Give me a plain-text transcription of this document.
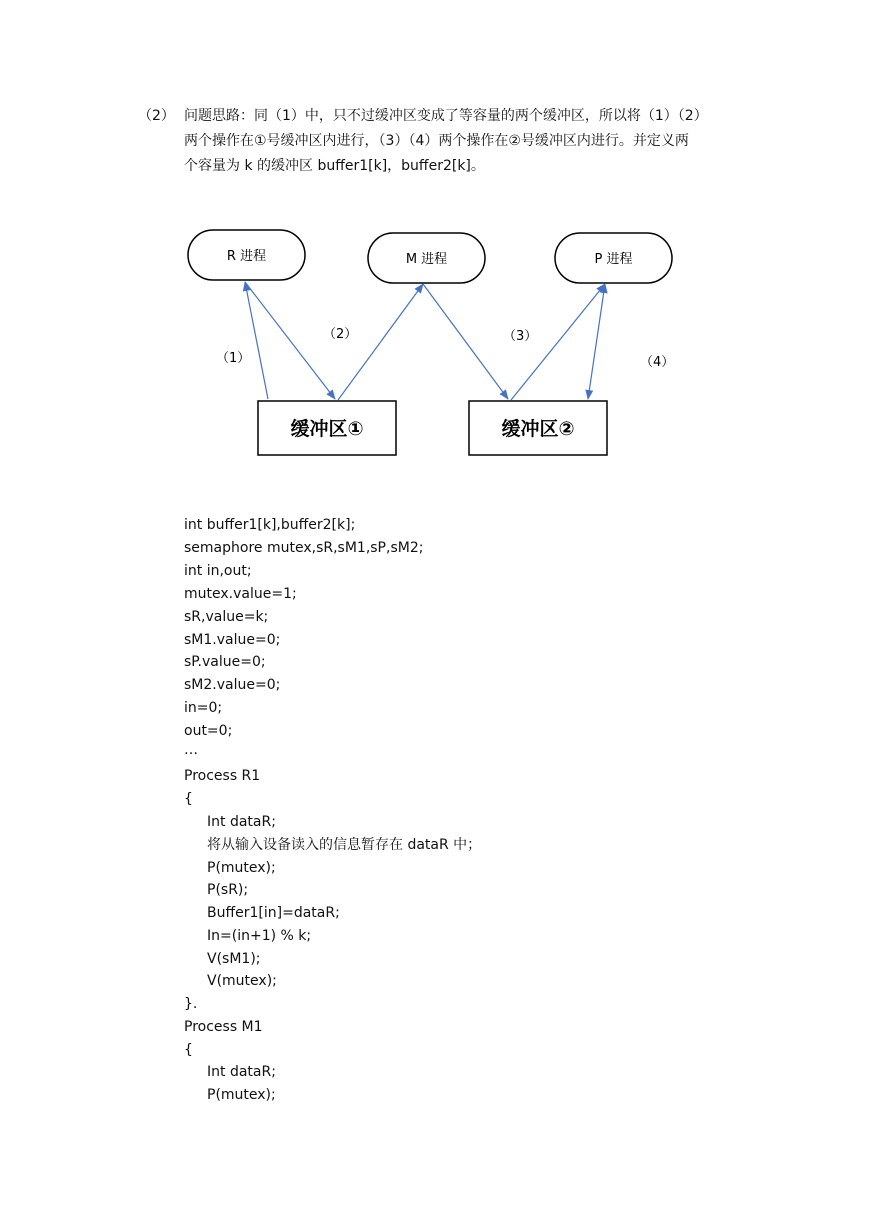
（2） 问题思路：同（1）中，只不过缓冲区变成了等容量的两个缓冲区，所以将（1）（2）
两个操作在①号缓冲区内进行，（3）（4）两个操作在②号缓冲区内进行。并定义两
个容量为 k 的缓冲区 buffer1[k]，buffer2[k]。
R 进程	M 进程	P 进程
缓冲区①	缓冲区②
（1）
（2）	（3）
（4）
int buffer1[k],buffer2[k];
semaphore mutex,sR,sM1,sP,sM2;
int in,out;
mutex.value=1;
sR,value=k;
sM1.value=0;
sP.value=0;
sM2.value=0;
in=0;
out=0;
…
Process R1
{
Int dataR;
将从输入设备读入的信息暂存在 dataR 中；
P(mutex);
P(sR);
Buffer1[in]=dataR;
In=(in+1) % k;
V(sM1);
V(mutex);
}.
Process M1
{
Int dataR;
P(mutex);
